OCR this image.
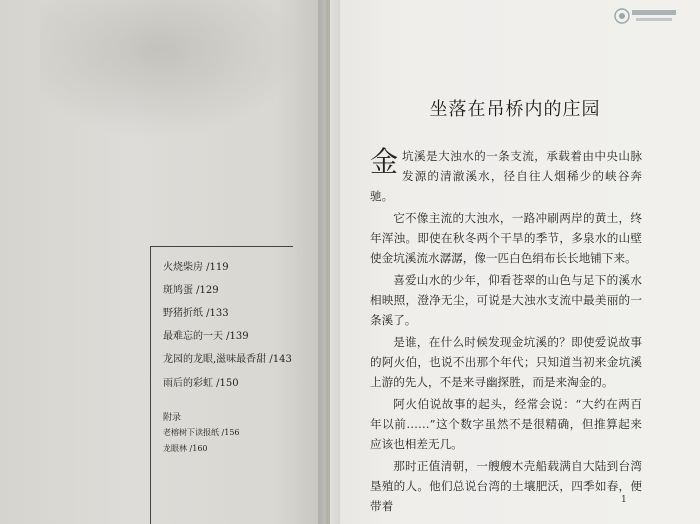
火烧柴房 /119
斑鸠蛋 /129
野猪折纸 /133
最难忘的一天 /139
龙园的龙眼,滋味最香甜 /143
雨后的彩虹 /150
附录
老榕树下读报纸 /156
龙眼林 /160
坐落在吊桥内的庄园

金坑溪是大浊水的一条支流，承载着由中央山脉发源的清澈溪水，径自往人烟稀少的峡谷奔驰。

它不像主流的大浊水，一路冲刷两岸的黄土，终年浑浊。即使在秋冬两个干旱的季节，多泉水的山壁使金坑溪流水潺潺，像一匹白色绢布长长地铺下来。

喜爱山水的少年，仰看苍翠的山色与足下的溪水相映照，澄净无尘，可说是大浊水支流中最美丽的一条溪了。

是谁，在什么时候发现金坑溪的？即使爱说故事的阿火伯，也说不出那个年代；只知道当初来金坑溪上游的先人，不是来寻幽探胜，而是来淘金的。

阿火伯说故事的起头，经常会说：“大约在两百年以前……”这个数字虽然不是很精确，但推算起来应该也相差无几。

那时正值清朝，一艘艘木壳船载满自大陆到台湾垦殖的人。他们总说台湾的土壤肥沃，四季如春，便带着	1
